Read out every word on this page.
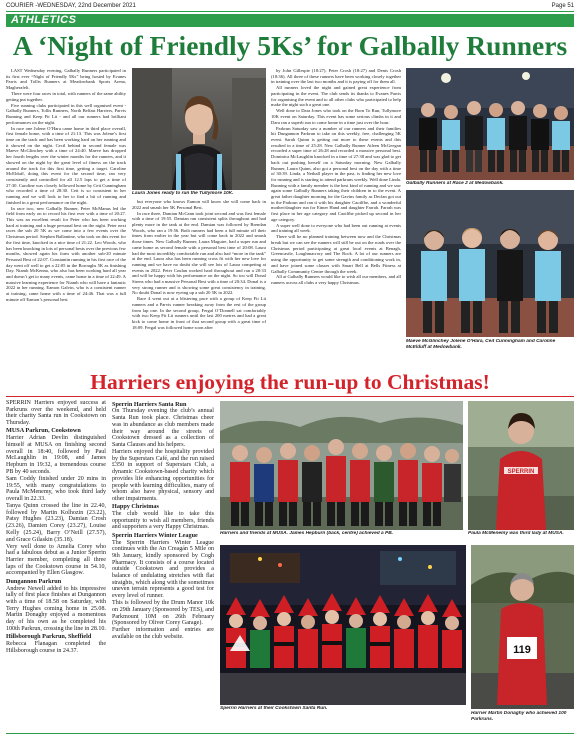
COURIER -WEDNESDAY, 22nd December 2021	Page 51
ATHLETICS
A ‘Night of Friendly 5Ks’ for Galbally Runners

LAST Wednesday evening, Galbally Runners participated in its first ever “Night of Friendly 5Ks” being hosted by Evanes Parris and Tollis Runners at Meadowbank Sports Arena, Magherafelt.

There were four races in total, with runners of the same ability getting put together.

Five running clubs participated in this well organised event - Galbally Runners, Tollis Runners, North Belfast Harriers, Parvis Running and Keep Fit Lit - and all our runners had brilliant performances on the night.

In race one Jolene O’Hara came home in third place overall, first female home, with a time of 21:13. This was Jolene’s first time on the track and has been working hard on her running and it showed on the night. Cecil behind in second female was Maeve McGlinchey with a time of 24:40. Maeve has dropped her fourth lengths over the winter months for the runners, and it showed on the night by the great level of fitness on the track around the track for this first time, getting a target. Caroline McElduff, doing this event for the second time, ran very consistently and controlled for all 12.5 laps to get a time of 27:30. Caroline was closely followed home by Ceit Cunningham who recorded a time of 28:30. Ceit is so consistent in her running and we will look to her to find a bit of running and finished in a great performance on the night.

In race two, new Galbally Runner, Peter McManus led the field from early on to record his first ever with a time of 20:27. This was an excellent result for Peter who has been working hard at training and a huge personal best on the night. Peter next races the sub 20 5K as we come into a few events over the Christmas period. Stephen Ballantine, who took on this event for the first time, knocked in a nice time of 21:22. Leo Woods, who has been knocking in lots of personal bests over the previous few months, showed again his form with another sub-20 minute Personal Best of 22:07. Constantin running in his first race of the day went off well to get a 22:05 in the Boroughs 5K as finishing Day. Niamh McKenna, who also has been working hard all year and doesn’t get to many events, came home in a time of 22:49. A massive learning experience for Niamh who will have a fantastic 2022 in her running. Eamon Galvin, who is a consistent runner at training, came home with a time of 24:46. That was a full minute off Eamon’s personal best

Laura Jones ready to run the Tullymore 10K.

but everyone who knows Eamon will know she will come back in 2022 and smash her 5K Personal Best.

In race three, Damian McCann took joint second and was first female with a time of 19:55. Damian ran consistent splits throughout and had plenty more in the tank at the end. Damian was followed by Brendan Woods, who ran a 19:56. Both runners had been a full minute off their times from earlier in the year but will come back in 2022 and smash those times. New Galbally Runner, Laura Maguire, had a super run and came home as second female with a personal best time of 20:08. Laura had the most incredibly comfortable run and also had “more in the tank” at the end. Laura also has been running cross fit with her new love for running and we have no doubt she will see lots of Laura competing at events in 2022. Peter Coulan worked hard throughout and ran a 20:33 and will be happy with his performance on the night. So too will Donal Sirens who had a massive Personal Best with a time of 20:34. Donal is a very strong runner and is showing some great consistency in training. No doubt Donal is now eyeing up a sub 20 5K in 2022.

Race 4 went out at a blistering pace with a group of Keep Fit Lit runners and a Parvis runner breaking away from the rest of the group from lap one. In the second group, Fergal O’Donnell sat comfortably with two Keep Fit Lit runners until the last 200 metres and had a great kick to come home in front of that second group with a great time of 18:09. Fergal was followed home soon after

by John Gillespie (18:27), Peter Crosh (18:27) and Denis Crosh (18:36). All three of these runners have been working closely together in training over the last two months and it is paying off for them all.

All runners loved the night and gained great experience from participating in the event. The club sends its thanks to Evanes Parris for organising the event and to all other clubs who participated to help make the night such a great one.

Well done to Dara Jones who took on the Born To Run, Tullymore 10K event on Saturday. This event has some serious climbs in it and Dara ran a superb run to come home in a time just over the hour.

Parkrun Saturday saw a number of our runners and their families hit Dungannon Parkrun to take on this weekly, free, challenging 5K event. Sarah Quinn is getting out more to these events and this resulted in a time of 25:28. New Galbally Runner Aileen McGeegan recorded a super time of 26:28 and recorded a massive personal best. Dominica McLaughlin knocked in a time of 27:38 and was glad to get back out pushing herself on a Saturday morning. New Galbally Runner, Laura Quinn, also got a personal best on the day with a time of 30:39. Linda, a Netball player in the past, is finding her new love for running and is starting to attend parkruns weekly. Well done Linda. Running with a family member is the best kind of running and we saw again some Galbally Runners taking their children in to the event. A great father daughter morning for the Gavins family as Declan got out in the Parkrun and ran it with his daughter Caoilfhe, and a wonderful mother/daughter run for Eimer Hand and daughter Farrah. Farrah was first place in her age category and Caoilfhe picked up second in her age category.

A super well done to everyone who had been out running at events and training all week.

There will be no planned training between now and the Christmas break but we can see the runners will still be out on the roads over the Christmas period participating at great local events at Benagh, Greencastle, Loughmacrory and The Rock. A lot of our runners are using the opportunity to get some strength and conditioning work in, and have joined some classes with Smart Bell at Bells Fitness at Galbally Community Centre through the week.

All at Galbally Runners would like to wish all our members, and all runners across all clubs a very happy Christmas.

Galbally Runners at Race 2 at Medowbank.
Maeve McGlinchey Jolene O’Hara, Ceit Cunningham and Caroline McElduff at Medowbank.
Harriers enjoying the run-up to Christmas!

SPERRIN Harriers enjoyed success at Parkruns over the weekend, and held their charity Santa run in Cookstown on Thursday.

MUSA Parkrun, Cookstown

Harrier Adrian Devlin distinguished himself at MUSA on finishing second overall in 18:40, followed by Paul McLaughlin in 19:08, and James Hepburn in 19:32, a tremendous course PB by 40 seconds.

Sam Coddy finished under 20 mins in 19:55, with many congratulations to Paula McMenemy, who took third lady overall in 22.33.

Tanya Quinn crossed the line in 22.40, followed by Martin Kolhozin (23.22), Patsy Hughes (23.23), Damian Crosh (23.26), Damien Corey (23.27), Louise Kelly (25.24), Barry O’Neill (27.57), and Grace Gilaskin (35.18).

Very well done to Amelia Corey who had a fabulous debut as a Junior Sperrin Harrier member, completing all three laps of the Cookstown course in 54.10, accompanied by Ellen Glasgow.

Dungannon Parkrun

Andrew Newell added to his impressive tally of first place finishes at Dungannon with a time of 18.58 on Saturday, with Terry Hughes coming home in 25.08. Martin Donaghy enjoyed a momentous day of his own as he completed his 100th Parkrun, crossing the line in 28.10.

Hillsborough Parkrun, Sheffield

Rebecca Flanagan completed the Hillsborough course in 24.37.

Sperrin Harriers Santa Run

On Thursday evening the club’s annual Santa Run took place. Christmas cheer was in abundance as club members made their way around the streets of Cookstown dressed as a collection of Santa Clauses and his helpers.

Harriers enjoyed the hospitality provided by the Superstars Café, and the run raised £350 in support of Superstars Club, a dynamic Cookstown-based charity which provides life enhancing opportunities for people with learning difficulties, many of whom also have physical, sensory and other impairments.

Happy Christmas

The club would like to take this opportunity to wish all members, friends and supporters a very Happy Christmas.

Sperrin Harriers Winter League

The Sperrin Harriers Winter League continues with the An Creagán 5 Mile on 9th January, kindly sponsored by Cogh Pharmacy. It consists of a course located outside Cookstown and provides a balance of undulating stretches with flat straights, which along with the sometimes uneven terrain represents a good test for every level of runner.

This is followed by the Drum Manor 10k on 29th January (Sponsored by TES), and Parkmount 10M on 26th February (Sponsored by Oliver Corey Garage).

Further information and entries are available on the club website.

Harriers and friends at MUSA. James Hepburn (back, centre) achieved a PB.
SPERRIN
Paula McMenemy was third lady at MUSA.
Sperrin Harriers at their Cookstown Santa Run.
119
Harrier Martin Donaghy who achieved 100 Parkruns.
